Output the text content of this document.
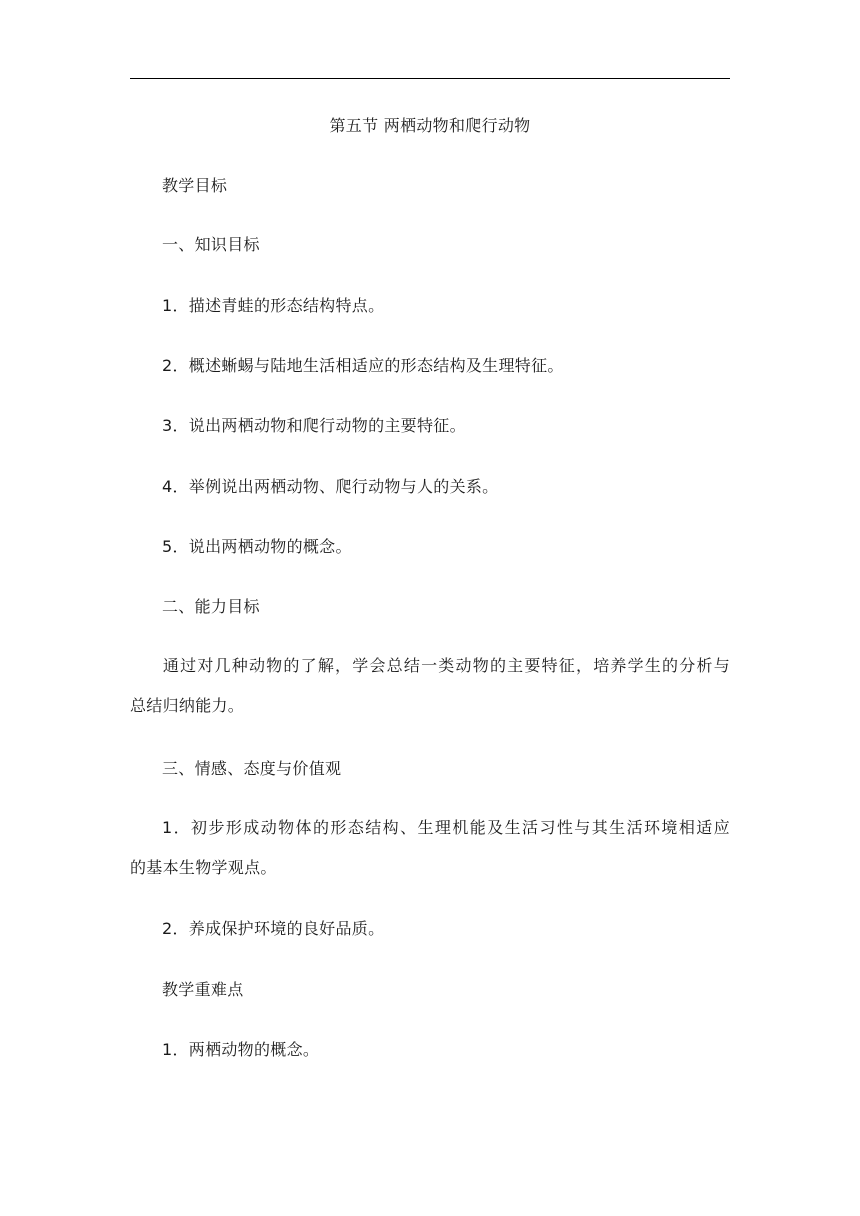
第五节 两栖动物和爬行动物
教学目标
一、知识目标
1．描述青蛙的形态结构特点。
2．概述蜥蜴与陆地生活相适应的形态结构及生理特征。
3．说出两栖动物和爬行动物的主要特征。
4．举例说出两栖动物、爬行动物与人的关系。
5．说出两栖动物的概念。
二、能力目标
通过对几种动物的了解，学会总结一类动物的主要特征，培养学生的分析与
总结归纳能力。
三、情感、态度与价值观
1．初步形成动物体的形态结构、生理机能及生活习性与其生活环境相适应
的基本生物学观点。
2．养成保护环境的良好品质。
教学重难点
1．两栖动物的概念。
